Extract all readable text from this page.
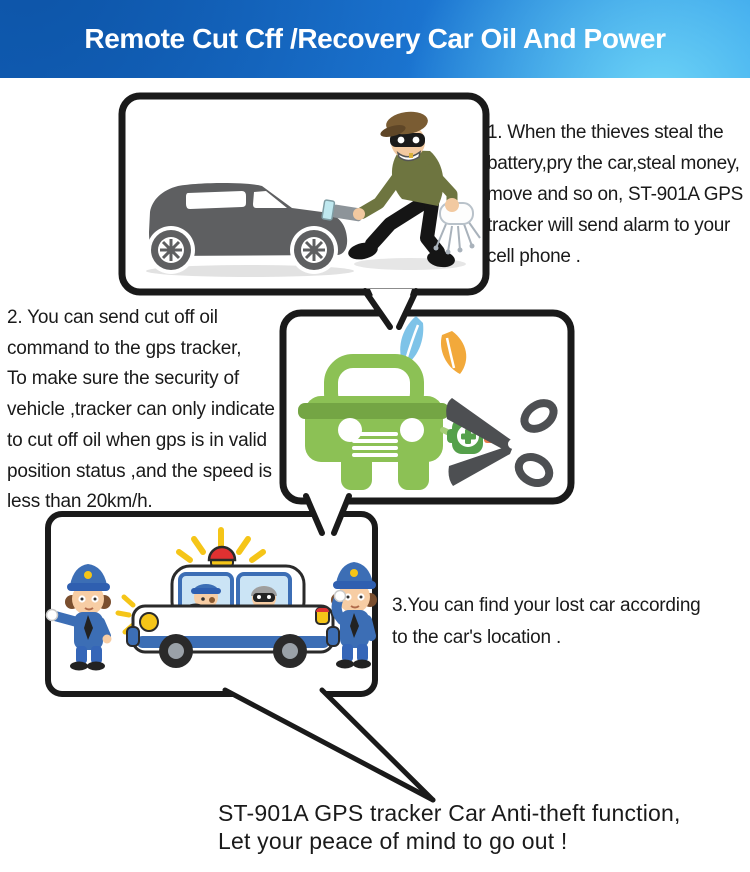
Remote Cut Cff /Recovery Car Oil And Power
1. When the thieves steal the
battery,pry the car,steal money,
move and so on, ST-901A GPS
tracker will send alarm to your
cell phone .
2. You can send cut off oil
command to the gps tracker,
To make sure the security of
vehicle ,tracker can only indicate
to cut off oil when gps is in valid
position status ,and the speed is
less than 20km/h.
3.You can find your lost car according
to the car's location .
ST-901A GPS tracker Car Anti-theft function,
Let your peace of mind to go out !
